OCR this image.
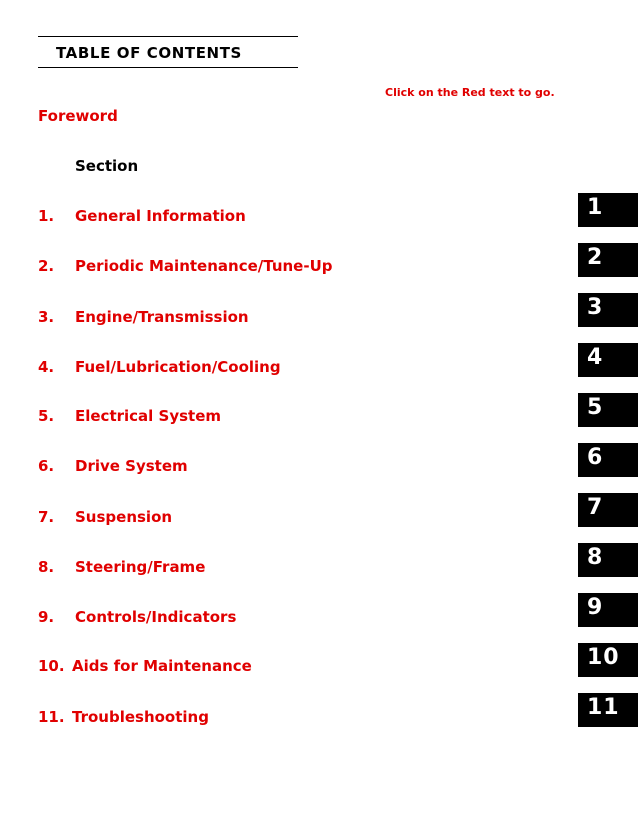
TABLE OF CONTENTS
Click on the Red text to go.
Foreword
Section
1. General Information
2. Periodic Maintenance/Tune-Up
3. Engine/Transmission
4. Fuel/Lubrication/Cooling
5. Electrical System
6. Drive System
7. Suspension
8. Steering/Frame
9. Controls/Indicators
10. Aids for Maintenance
11. Troubleshooting
1
2
3
4
5
6
7
8
9
10
11
